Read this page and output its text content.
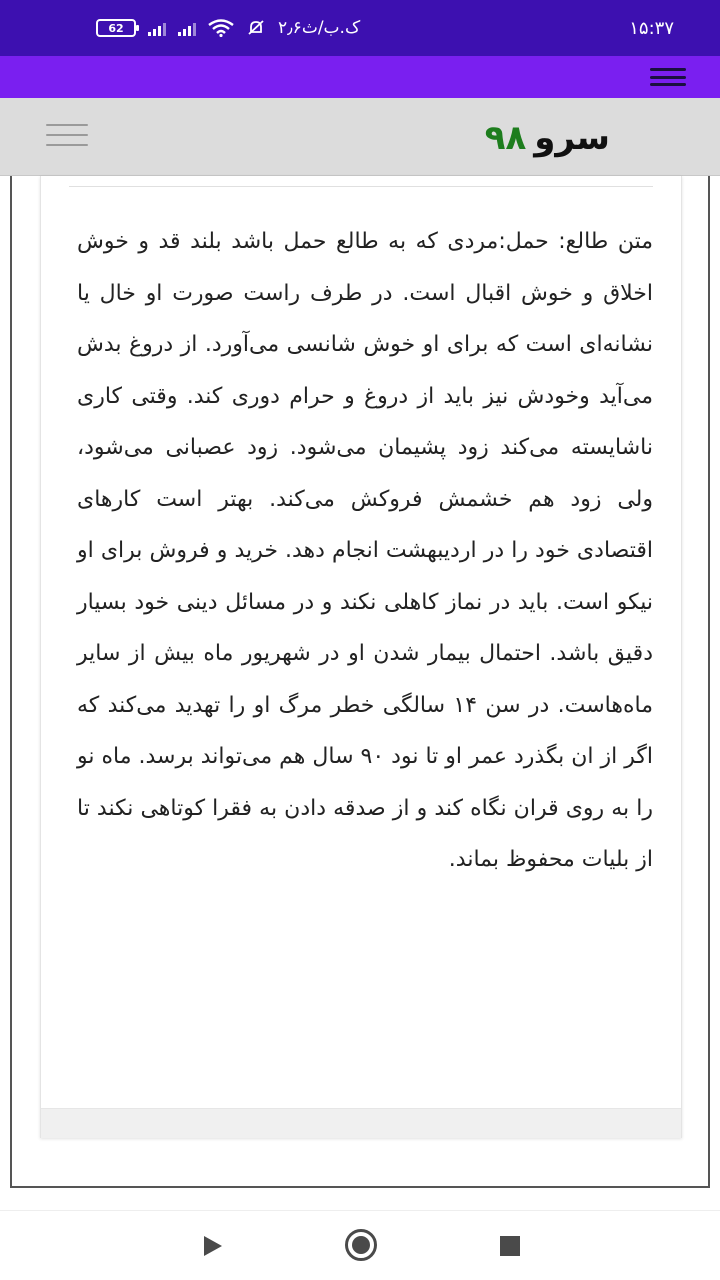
62	۲٫۶ک.ب/ث	۱۵:۳۷
سرو
۹۸

متن طالع: حمل:مردی که به طالع حمل باشد بلند قد و خوش اخلاق و خوش اقبال است. در طرف راست صورت او خال یا نشانه‌ای است که برای او خوش شانسی می‌آورد. از دروغ بدش می‌آید وخودش نیز باید از دروغ و حرام دوری کند. وقتی کاری ناشایسته می‌کند زود پشیمان می‌شود. زود عصبانی می‌شود، ولی زود هم خشمش فروکش می‌کند. بهتر است کارهای اقتصادی خود را در اردیبهشت انجام دهد. خرید و فروش برای او نیکو است. باید در نماز کاهلی نکند و در مسائل دینی خود بسیار دقیق باشد. احتمال بیمار شدن او در شهریور ماه بیش از سایر ماه‌هاست. در سن ۱۴ سالگی خطر مرگ او را تهدید می‌کند که اگر از ان بگذرد عمر او تا نود ۹۰ سال هم می‌تواند برسد. ماه نو را به روی قران نگاه کند و از صدقه دادن به فقرا کوتاهی نکند تا از بلیات محفوظ بماند.
